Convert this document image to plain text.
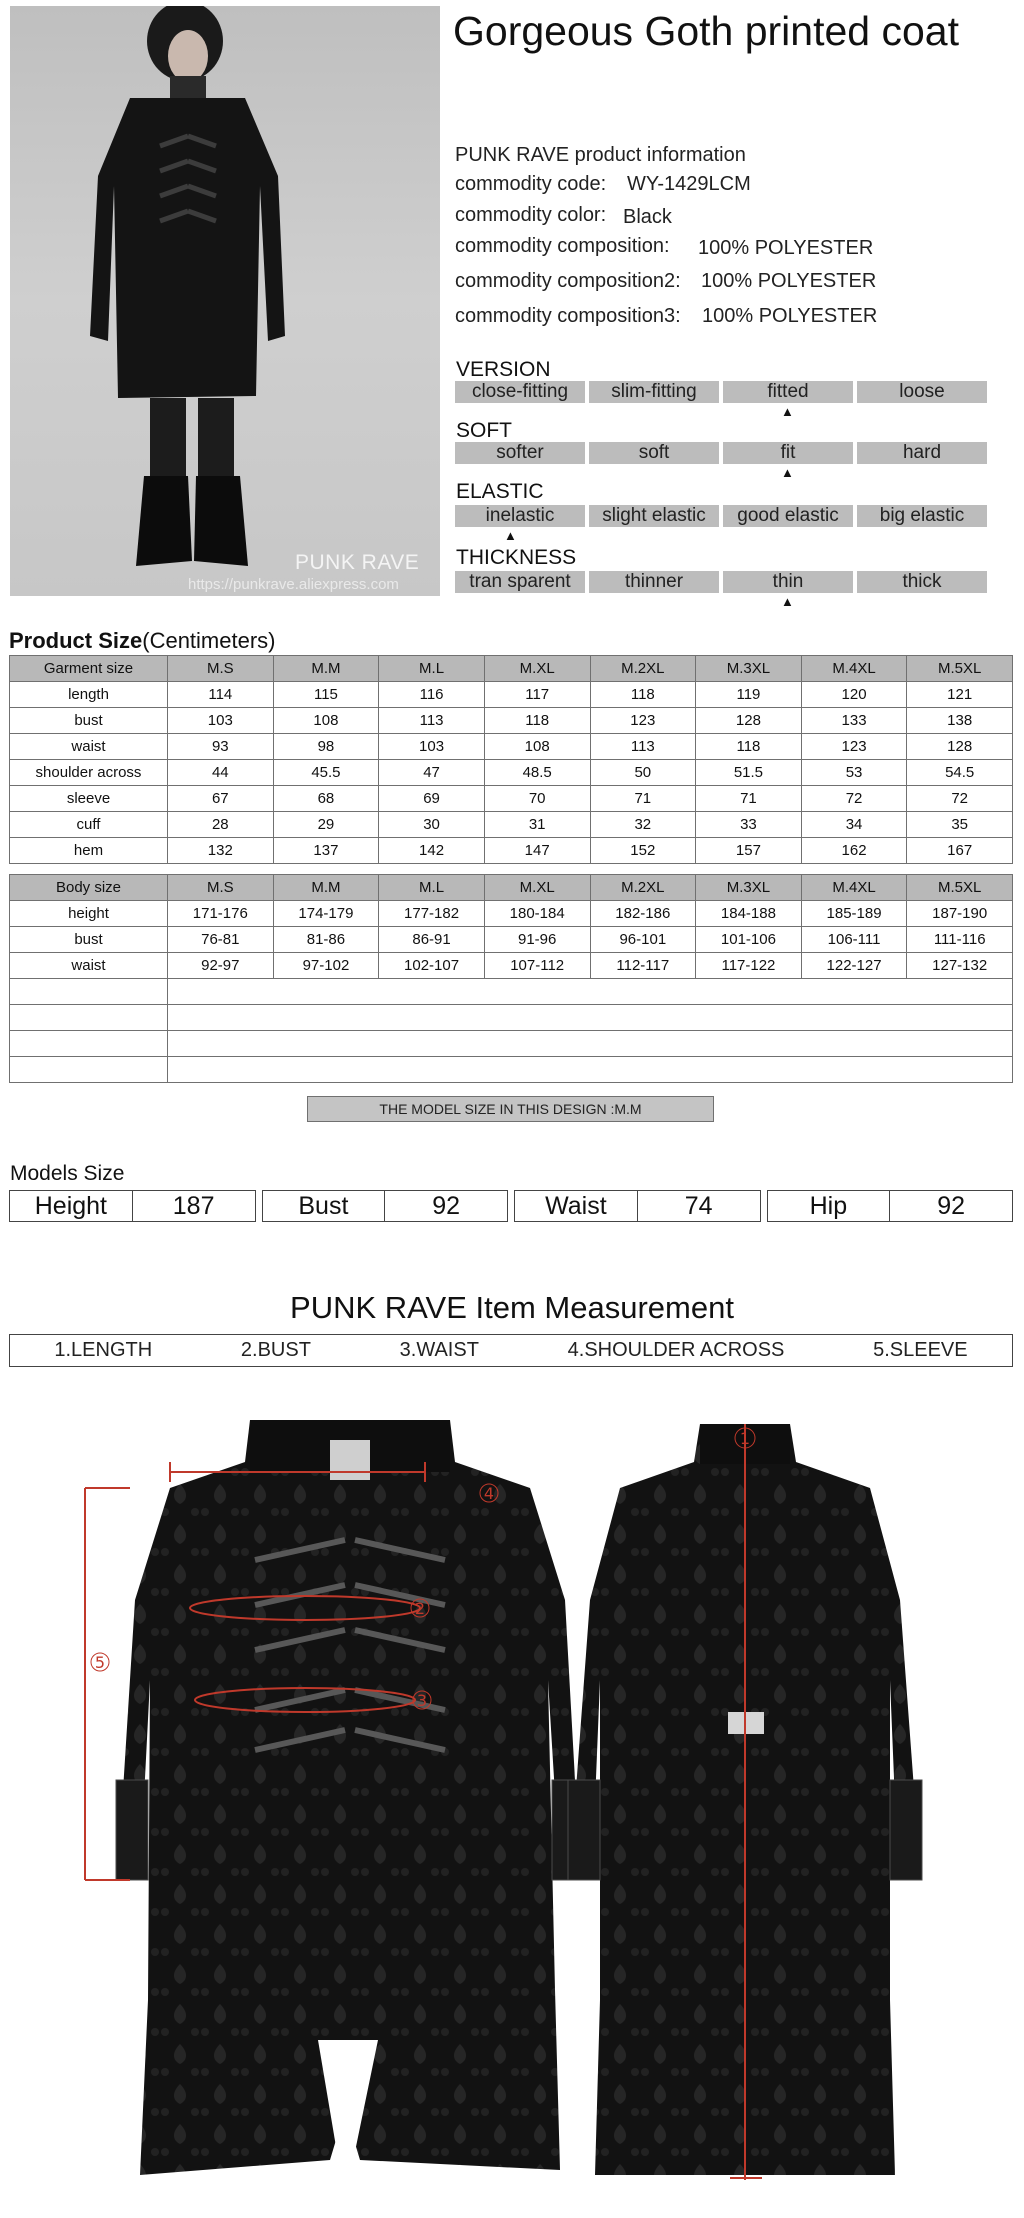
PUNK RAVE
https://punkrave.aliexpress.com
Gorgeous Goth printed coat
PUNK RAVE product information
commodity code: WY-1429LCM
commodity color: Black
commodity composition: 100% POLYESTER
commodity composition2: 100% POLYESTER
commodity composition3: 100% POLYESTER
VERSION
close-fitting	slim-fitting	fitted	loose
▲
SOFT
softer	soft	fit	hard
▲
ELASTIC
inelastic	slight elastic	good elastic	big elastic
▲
THICKNESS
tran sparent	thinner	thin	thick
▲
Product Size(Centimeters)
Garment size	M.S	M.M	M.L	M.XL	M.2XL	M.3XL	M.4XL	M.5XL
length	114	115	116	117	118	119	120	121
bust	103	108	113	118	123	128	133	138
waist	93	98	103	108	113	118	123	128
shoulder across	44	45.5	47	48.5	50	51.5	53	54.5
sleeve	67	68	69	70	71	71	72	72
cuff	28	29	30	31	32	33	34	35
hem	132	137	142	147	152	157	162	167
Body size	M.S	M.M	M.L	M.XL	M.2XL	M.3XL	M.4XL	M.5XL
height	171-176	174-179	177-182	180-184	182-186	184-188	185-189	187-190
bust	76-81	81-86	86-91	91-96	96-101	101-106	106-111	111-116
waist	92-97	97-102	102-107	107-112	112-117	117-122	122-127	127-132

THE MODEL SIZE IN THIS DESIGN :M.M
Models Size
Height	187	Bust	92	Waist	74	Hip	92
PUNK RAVE Item Measurement
1.LENGTH	2.BUST	3.WAIST	4.SHOULDER ACROSS	5.SLEEVE
4
2
3
5
1
